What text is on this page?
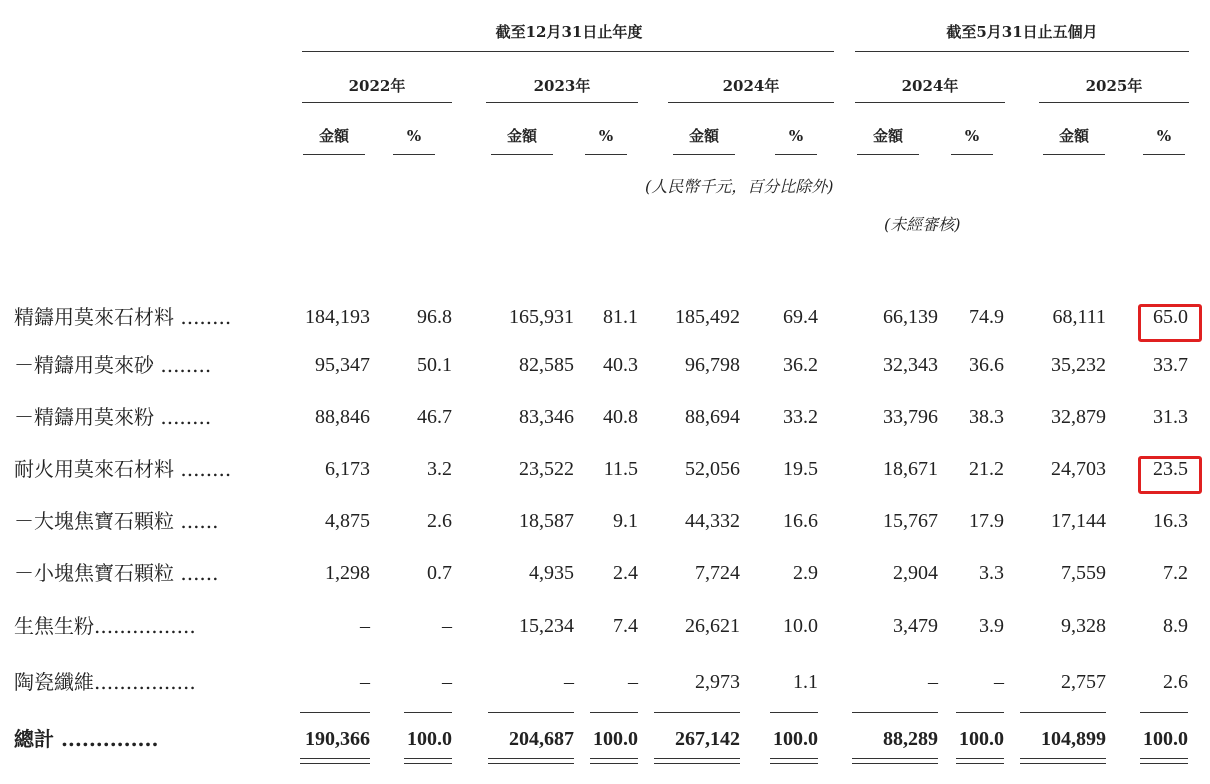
截至12月31日止年度	截至5月31日止五個月
2022年	2023年	2024年	2024年	2025年
金額	%	金額	%	金額	%	金額	%	金額	%
(人民幣千元，百分比除外)
(未經審核)
精鑄用莫來石材料 ........	184,193	96.8	165,931	81.1	185,492	69.4	66,139	74.9	68,111	65.0
－精鑄用莫來砂 ........	95,347	50.1	82,585	40.3	96,798	36.2	32,343	36.6	35,232	33.7
－精鑄用莫來粉 ........	88,846	46.7	83,346	40.8	88,694	33.2	33,796	38.3	32,879	31.3
耐火用莫來石材料 ........	6,173	3.2	23,522	11.5	52,056	19.5	18,671	21.2	24,703	23.5
－大塊焦寶石顆粒 ......	4,875	2.6	18,587	9.1	44,332	16.6	15,767	17.9	17,144	16.3
－小塊焦寶石顆粒 ......	1,298	0.7	4,935	2.4	7,724	2.9	2,904	3.3	7,559	7.2
生焦生粉................	–	–	15,234	7.4	26,621	10.0	3,479	3.9	9,328	8.9
陶瓷纖維................	–	–	–	–	2,973	1.1	–	–	2,757	2.6
總計 ..............	190,366 100.0	204,687 100.0	267,142 100.0	88,289 100.0	104,899 100.0
